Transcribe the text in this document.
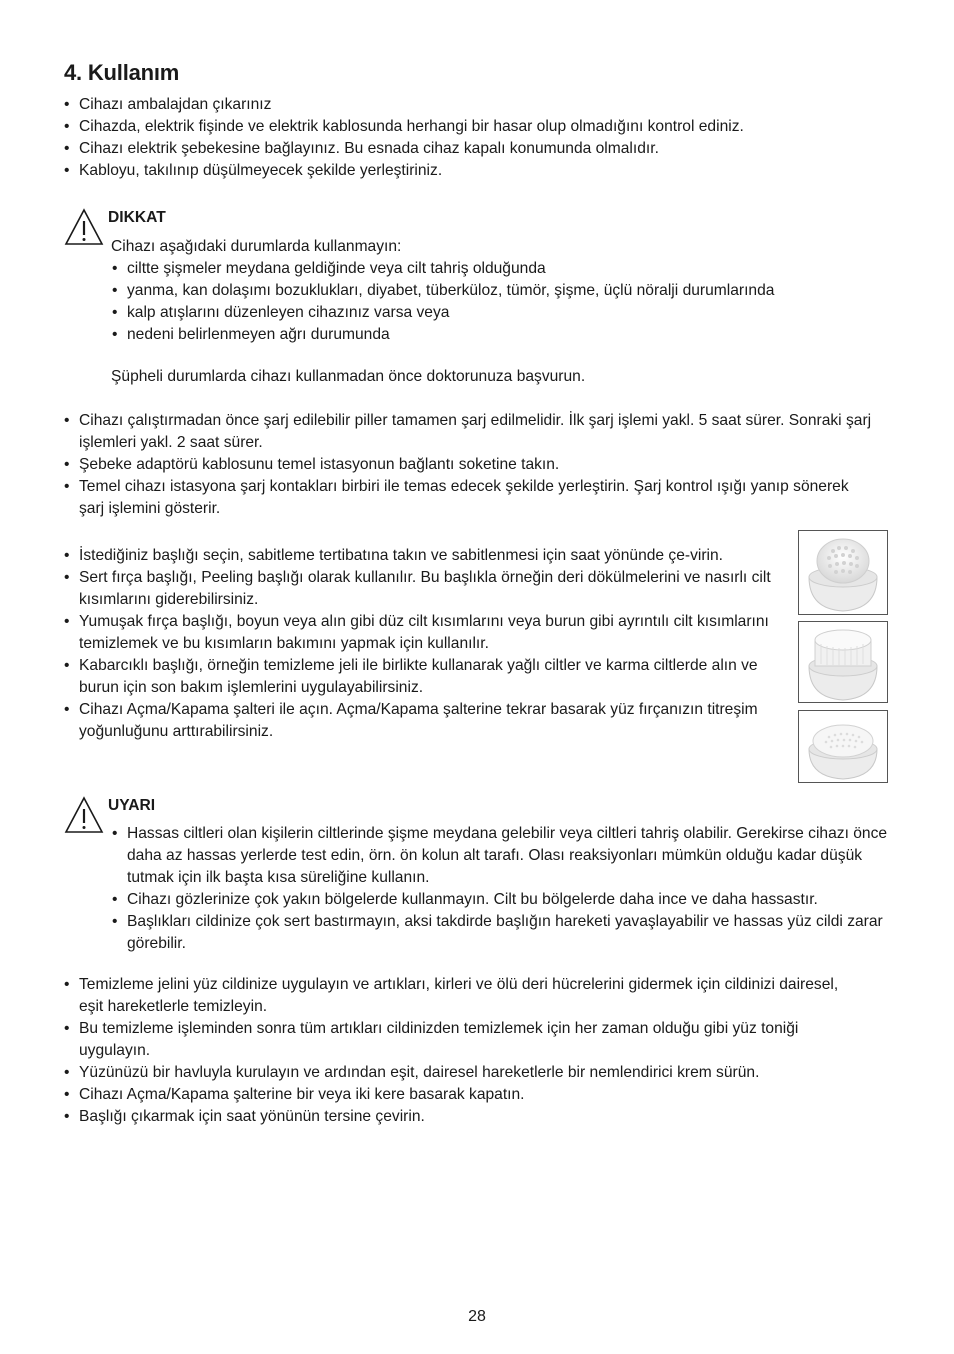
4. Kullanım
• Cihazı ambalajdan çıkarınız
• Cihazda, elektrik fişinde ve elektrik kablosunda herhangi bir hasar olup olmadığını kontrol ediniz.
• Cihazı elektrik şebekesine bağlayınız. Bu esnada cihaz kapalı konumunda olmalıdır.
• Kabloyu, takılınıp düşülmeyecek şekilde yerleştiriniz.
DIKKAT
Cihazı aşağıdaki durumlarda kullanmayın:
• ciltte şişmeler meydana geldiğinde veya cilt tahriş olduğunda
• yanma, kan dolaşımı bozuklukları, diyabet, tüberküloz, tümör, şişme, üçlü nöralji durumlarında
• kalp atışlarını düzenleyen cihazınız varsa veya
• nedeni belirlenmeyen ağrı durumunda
Şüpheli durumlarda cihazı kullanmadan önce doktorunuza başvurun.
• Cihazı çalıştırmadan önce şarj edilebilir piller tamamen şarj edilmelidir. İlk şarj işlemi yakl. 5 saat sürer. Sonraki şarj işlemleri yakl. 2 saat sürer.
• Şebeke adaptörü kablosunu temel istasyonun bağlantı soketine takın.
• Temel cihazı istasyona şarj kontakları birbiri ile temas edecek şekilde yerleştirin. Şarj kontrol ışığı yanıp sönerek şarj işlemini gösterir.
• İstediğiniz başlığı seçin, sabitleme tertibatına takın ve sabitlenmesi için saat yönünde çe-virin.
• Sert fırça başlığı, Peeling başlığı olarak kullanılır. Bu başlıkla örneğin deri dökülmelerini ve nasırlı cilt kısımlarını giderebilirsiniz.
• Yumuşak fırça başlığı, boyun veya alın gibi düz cilt kısımlarını veya burun gibi ayrıntılı cilt kısımlarını temizlemek ve bu kısımların bakımını yapmak için kullanılır.
• Kabarcıklı başlığı, örneğin temizleme jeli ile birlikte kullanarak yağlı ciltler ve karma ciltlerde alın ve burun için son bakım işlemlerini uygulayabilirsiniz.
• Cihazı Açma/Kapama şalteri ile açın. Açma/Kapama şalterine tekrar basarak yüz fırçanızın titreşim yoğunluğunu arttırabilirsiniz.
UYARI
• Hassas ciltleri olan kişilerin ciltlerinde şişme meydana gelebilir veya ciltleri tahriş olabilir. Gerekirse cihazı önce daha az hassas yerlerde test edin, örn. ön kolun alt tarafı. Olası reaksiyonları mümkün olduğu kadar düşük tutmak için ilk başta kısa süreliğine kullanın.
• Cihazı gözlerinize çok yakın bölgelerde kullanmayın. Cilt bu bölgelerde daha ince ve daha hassastır.
• Başlıkları cildinize çok sert bastırmayın, aksi takdirde başlığın hareketi yavaşlayabilir ve hassas yüz cildi zarar görebilir.
• Temizleme jelini yüz cildinize uygulayın ve artıkları, kirleri ve ölü deri hücrelerini gidermek için cildinizi dairesel, eşit hareketlerle temizleyin.
• Bu temizleme işleminden sonra tüm artıkları cildinizden temizlemek için her zaman olduğu gibi yüz toniği uygulayın.
• Yüzünüzü bir havluyla kurulayın ve ardından eşit, dairesel hareketlerle bir nemlendirici krem sürün.
• Cihazı Açma/Kapama şalterine bir veya iki kere basarak kapatın.
• Başlığı çıkarmak için saat yönünün tersine çevirin.
28
